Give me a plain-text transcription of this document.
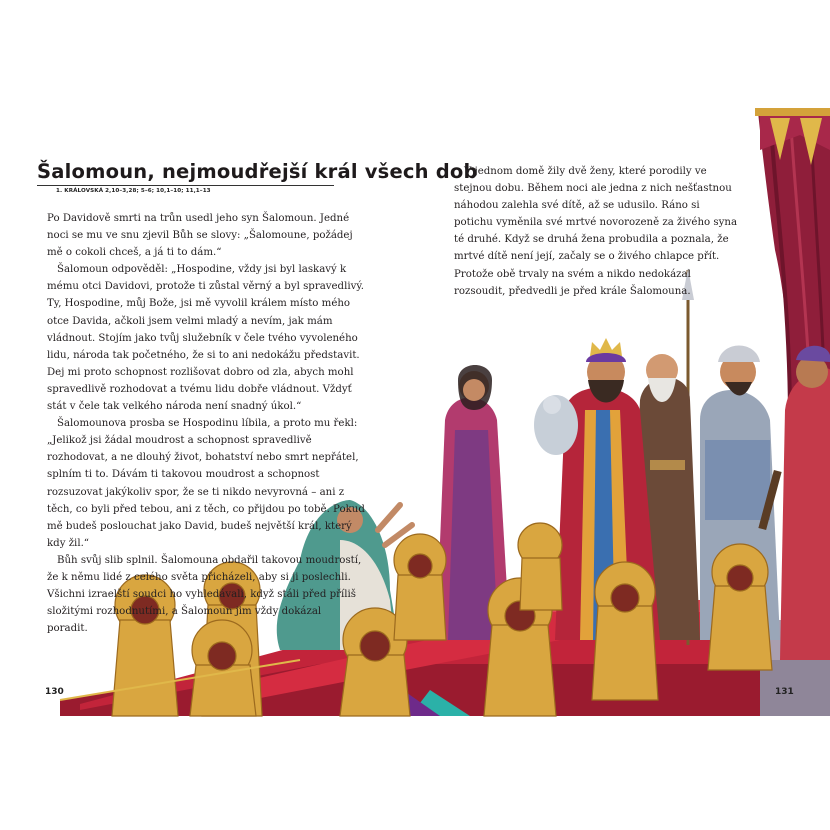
Šalomoun, nejmoudřejší král všech dob
1. KRÁLOVSKÁ 2,10–3,28; 5–6; 10,1–10; 11,1–13

Po Davidově smrti na trůn usedl jeho syn Šalomoun. Jedné noci se mu ve snu zjevil Bůh se slovy: „Šalomoune, požádej mě o cokoli chceš, a já ti to dám.“

Šalomoun odpověděl: „Hospodine, vždy jsi byl laskavý k mému otci Davidovi, protože ti zůstal věrný a byl spravedlivý. Ty, Hospodine, můj Bože, jsi mě vyvolil králem místo mého otce Davida, ačkoli jsem velmi mladý a nevím, jak mám vládnout. Stojím jako tvůj služebník v čele tvého vyvoleného lidu, národa tak početného, že si to ani nedokážu představit. Dej mi proto schopnost rozlišovat dobro od zla, abych mohl spravedlivě rozhodovat a tvému lidu dobře vládnout. Vždyť stát v čele tak velkého národa není snadný úkol.“

Šalomounova prosba se Hospodinu líbila, a proto mu řekl: „Jelikož jsi žádal moudrost a schopnost spravedlivě rozhodovat, a ne dlouhý život, bohatství nebo smrt nepřátel, splním ti to. Dávám ti takovou moudrost a schopnost rozsuzovat jakýkoliv spor, že se ti nikdo nevyrovná – ani z těch, co byli před tebou, ani z těch, co přijdou po tobě. Pokud mě budeš poslouchat jako David, budeš největší král, který kdy žil.“

Bůh svůj slib splnil. Šalomouna obdařil takovou moudrostí, že k němu lidé z celého světa přicházeli, aby si ji poslechli. Všichni izraelští soudci ho vyhledávali, když stáli před příliš složitými rozhodnutími, a Šalomoun jim vždy dokázal poradit.

V jednom domě žily dvě ženy, které porodily ve stejnou dobu. Během noci ale jedna z nich nešťastnou náhodou zalehla své dítě, až se udusilo. Ráno si potichu vyměnila své mrtvé novorozeně za živého syna té druhé. Když se druhá žena probudila a poznala, že mrtvé dítě není její, začaly se o živého chlapce přít. Protože obě trvaly na svém a nikdo nedokázal rozsoudit, předvedli je před krále Šalomouna.

130	131
